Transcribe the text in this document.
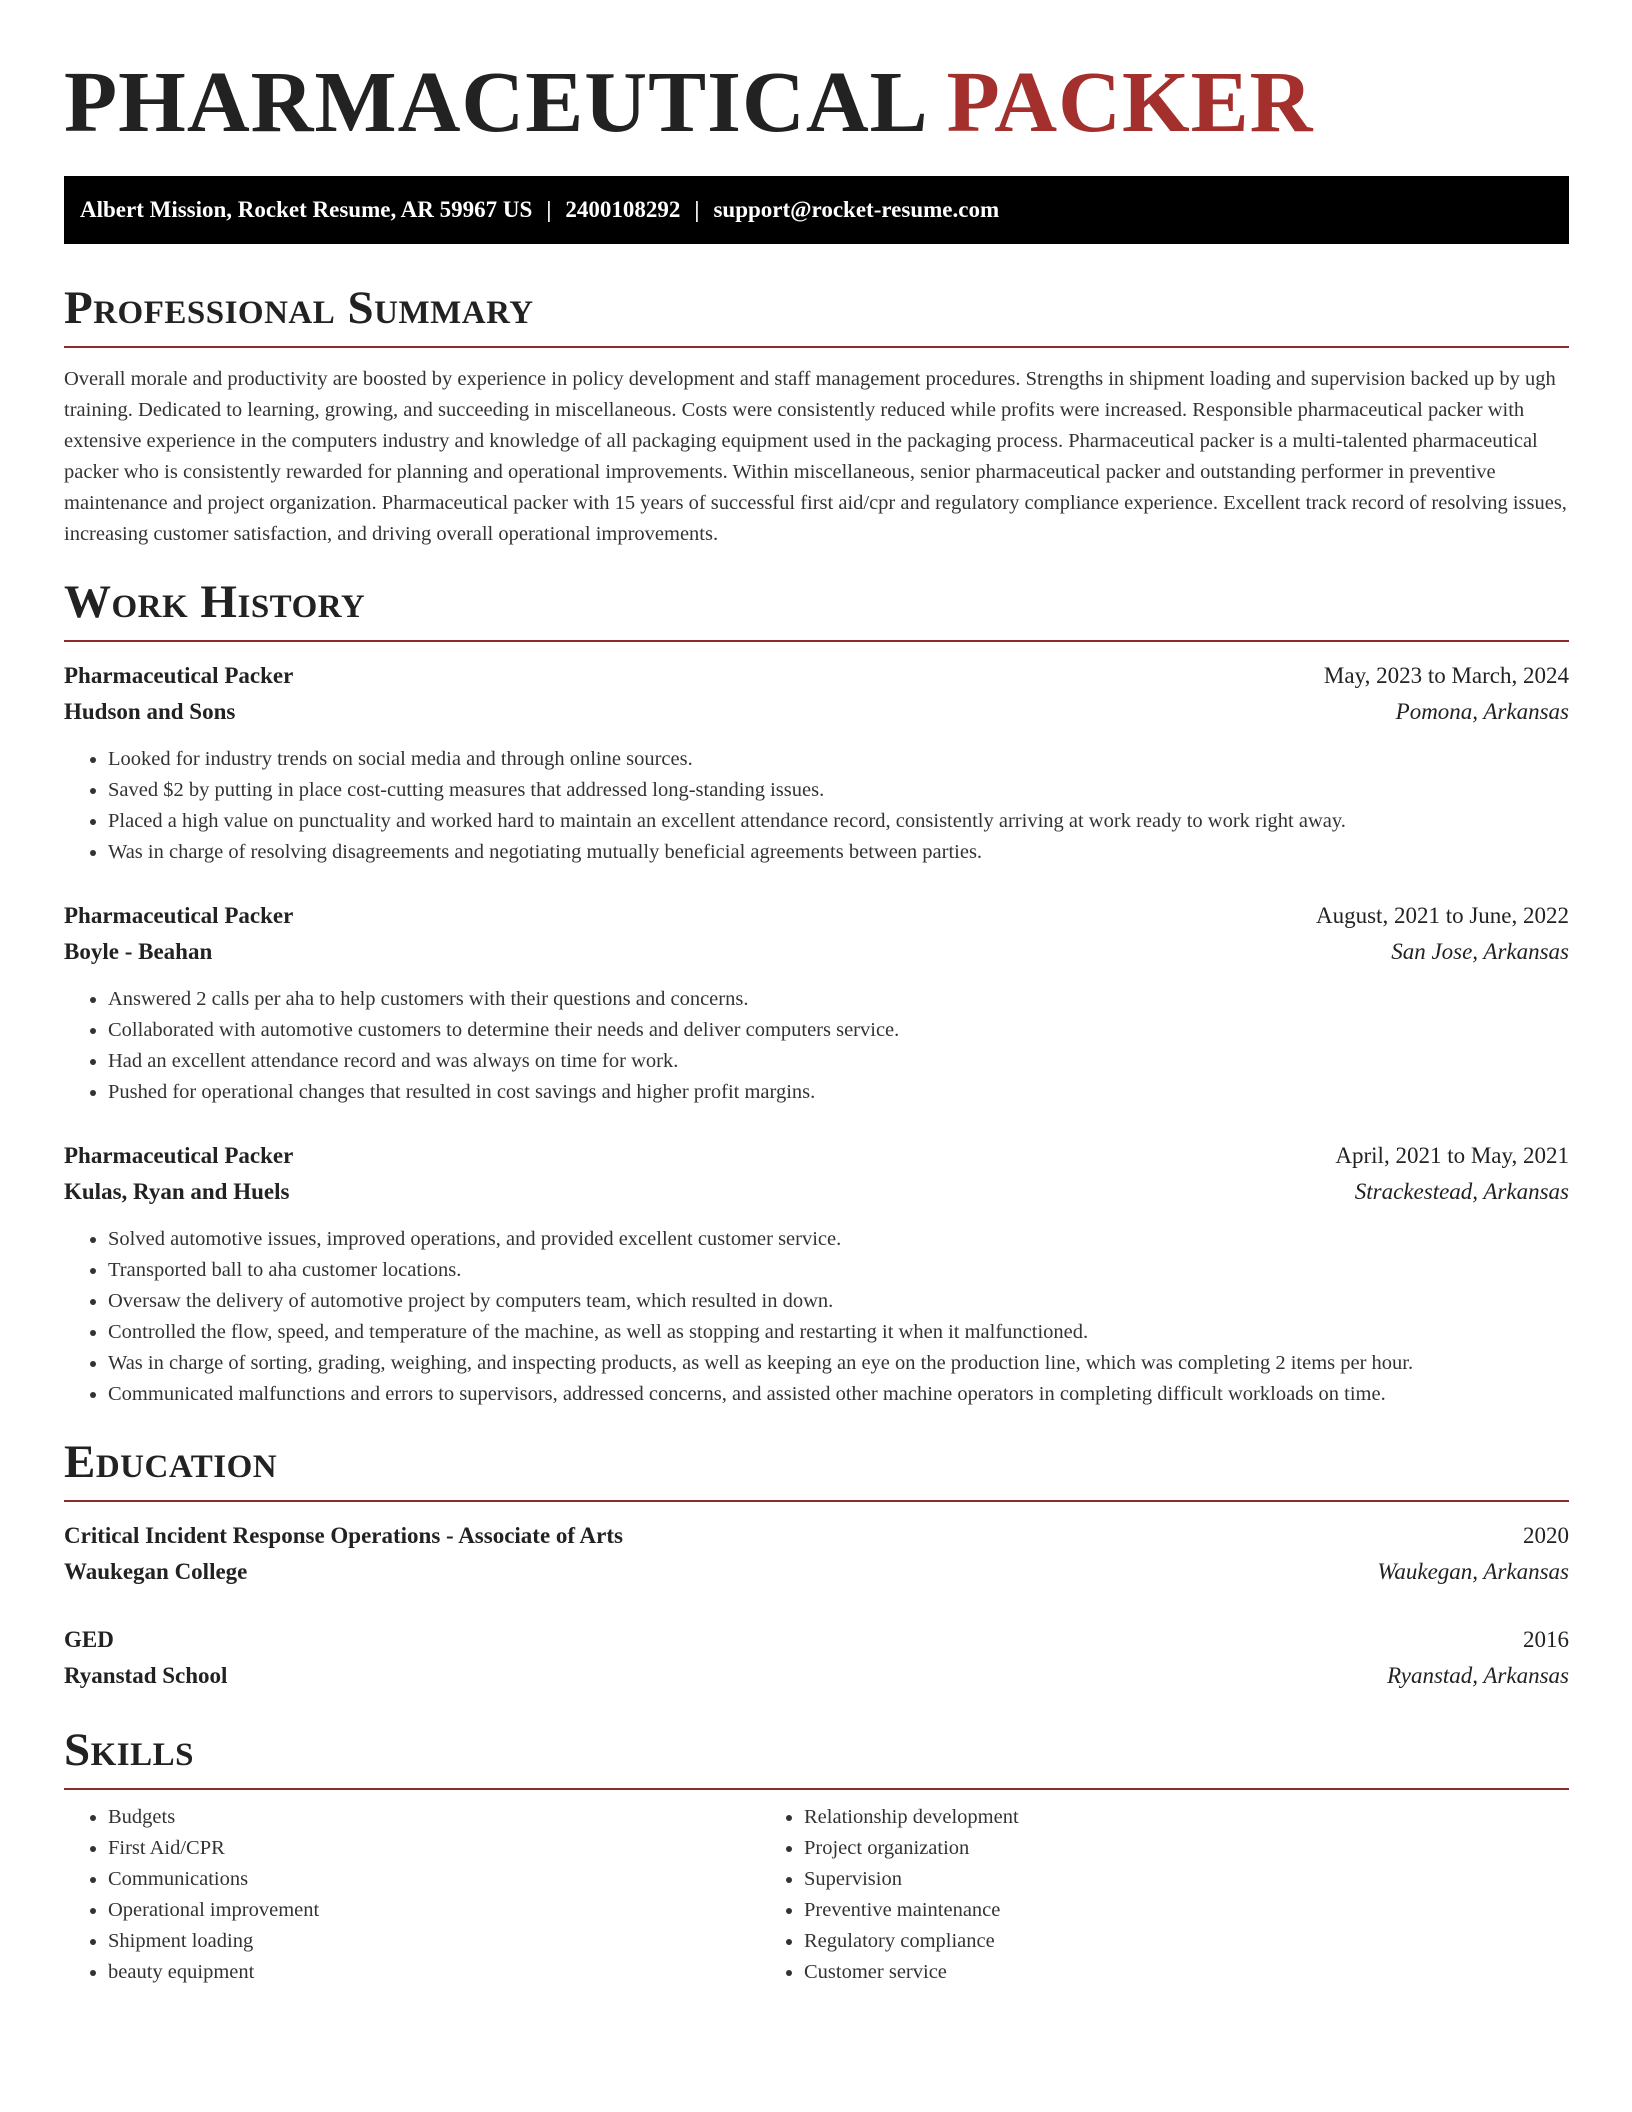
PHARMACEUTICAL PACKER
Albert Mission, Rocket Resume, AR 59967 US | 2400108292 | support@rocket-resume.com
Professional Summary

Overall morale and productivity are boosted by experience in policy development and staff management procedures. Strengths in shipment loading and supervision backed up by ugh training. Dedicated to learning, growing, and succeeding in miscellaneous. Costs were consistently reduced while profits were increased. Responsible pharmaceutical packer with extensive experience in the computers industry and knowledge of all packaging equipment used in the packaging process. Pharmaceutical packer is a multi-talented pharmaceutical packer who is consistently rewarded for planning and operational improvements. Within miscellaneous, senior pharmaceutical packer and outstanding performer in preventive maintenance and project organization. Pharmaceutical packer with 15 years of successful first aid/cpr and regulatory compliance experience. Excellent track record of resolving issues, increasing customer satisfaction, and driving overall operational improvements.

Work History
Pharmaceutical Packer	May, 2023 to March, 2024
Hudson and Sons	Pomona, Arkansas
• Looked for industry trends on social media and through online sources.
• Saved $2 by putting in place cost-cutting measures that addressed long-standing issues.
• Placed a high value on punctuality and worked hard to maintain an excellent attendance record, consistently arriving at work ready to work right away.
• Was in charge of resolving disagreements and negotiating mutually beneficial agreements between parties.
Pharmaceutical Packer	August, 2021 to June, 2022
Boyle - Beahan	San Jose, Arkansas
• Answered 2 calls per aha to help customers with their questions and concerns.
• Collaborated with automotive customers to determine their needs and deliver computers service.
• Had an excellent attendance record and was always on time for work.
• Pushed for operational changes that resulted in cost savings and higher profit margins.
Pharmaceutical Packer	April, 2021 to May, 2021
Kulas, Ryan and Huels	Strackestead, Arkansas
• Solved automotive issues, improved operations, and provided excellent customer service.
• Transported ball to aha customer locations.
• Oversaw the delivery of automotive project by computers team, which resulted in down.
• Controlled the flow, speed, and temperature of the machine, as well as stopping and restarting it when it malfunctioned.
• Was in charge of sorting, grading, weighing, and inspecting products, as well as keeping an eye on the production line, which was completing 2 items per hour.
• Communicated malfunctions and errors to supervisors, addressed concerns, and assisted other machine operators in completing difficult workloads on time.
Education
Critical Incident Response Operations - Associate of Arts	2020
Waukegan College	Waukegan, Arkansas
GED	2016
Ryanstad School	Ryanstad, Arkansas
Skills
• Budgets
• First Aid/CPR
• Communications
• Operational improvement
• Shipment loading
• beauty equipment
• Relationship development
• Project organization
• Supervision
• Preventive maintenance
• Regulatory compliance
• Customer service
